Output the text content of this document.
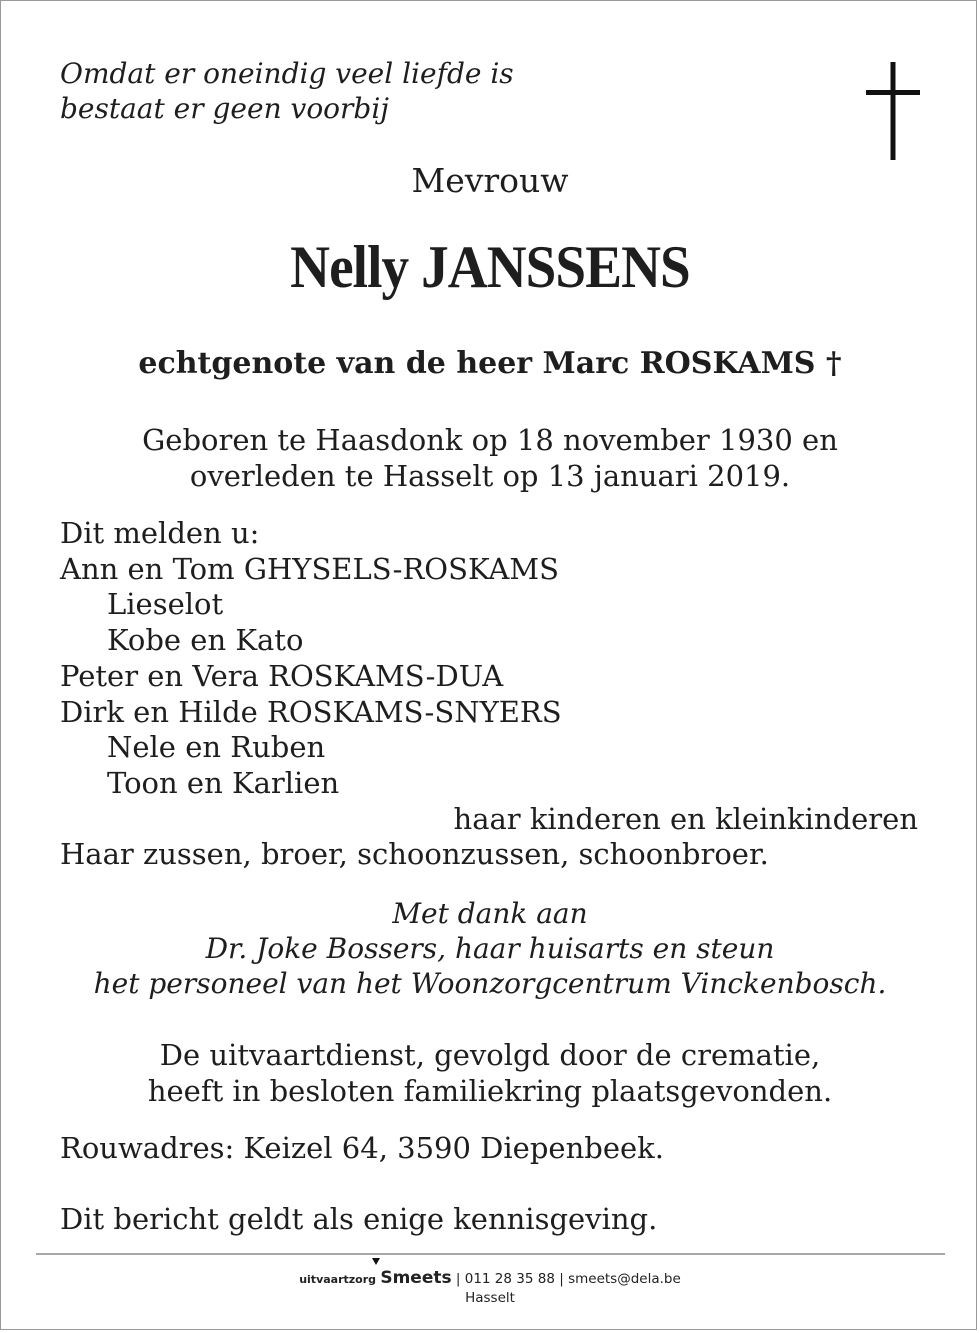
Omdat er oneindig veel liefde is
bestaat er geen voorbij
Mevrouw
Nelly JANSSENS
echtgenote van de heer Marc ROSKAMS †
Geboren te Haasdonk op 18 november 1930 en
overleden te Hasselt op 13 januari 2019.
Dit melden u:
Ann en Tom GHYSELS-ROSKAMS
Lieselot
Kobe en Kato
Peter en Vera ROSKAMS-DUA
Dirk en Hilde ROSKAMS-SNYERS
Nele en Ruben
Toon en Karlien
haar kinderen en kleinkinderen
Haar zussen, broer, schoonzussen, schoonbroer.
Met dank aan
Dr. Joke Bossers, haar huisarts en steun
het personeel van het Woonzorgcentrum Vinckenbosch.
De uitvaartdienst, gevolgd door de crematie,
heeft in besloten familiekring plaatsgevonden.
Rouwadres: Keizel 64, 3590 Diepenbeek.
Dit bericht geldt als enige kennisgeving.
uitvaartzorg Smeets | 011 28 35 88 | smeets@dela.be
Hasselt
